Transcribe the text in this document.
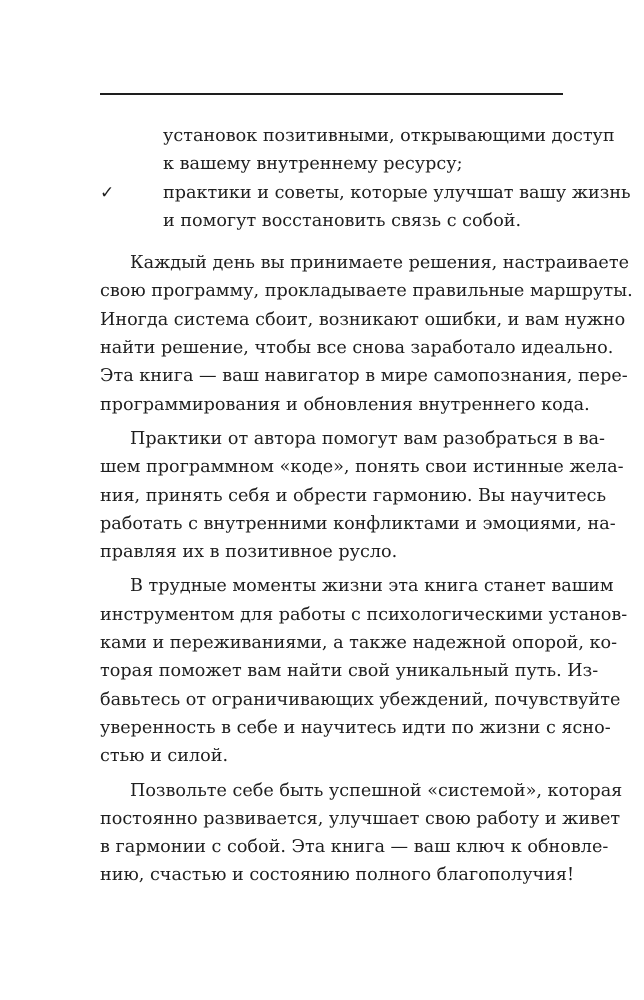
установок позитивными, открывающими доступ
к вашему внутреннему ресурсу;
✓	практики и советы, которые улучшат вашу жизнь
и помогут восстановить связь с собой.
Каждый день вы принимаете решения, настраиваете
свою программу, прокладываете правильные маршруты.
Иногда система сбоит, возникают ошибки, и вам нужно
найти решение, чтобы все снова заработало идеально.
Эта книга — ваш навигатор в мире самопознания, пере-
программирования и обновления внутреннего кода.
Практики от автора помогут вам разобраться в ва-
шем программном «коде», понять свои истинные жела-
ния, принять себя и обрести гармонию. Вы научитесь
работать с внутренними конфликтами и эмоциями, на-
правляя их в позитивное русло.
В трудные моменты жизни эта книга станет вашим
инструментом для работы с психологическими установ-
ками и переживаниями, а также надежной опорой, ко-
торая поможет вам найти свой уникальный путь. Из-
бавьтесь от ограничивающих убеждений, почувствуйте
уверенность в себе и научитесь идти по жизни с ясно-
стью и силой.
Позвольте себе быть успешной «системой», которая
постоянно развивается, улучшает свою работу и живет
в гармонии с собой. Эта книга — ваш ключ к обновле-
нию, счастью и состоянию полного благополучия!
